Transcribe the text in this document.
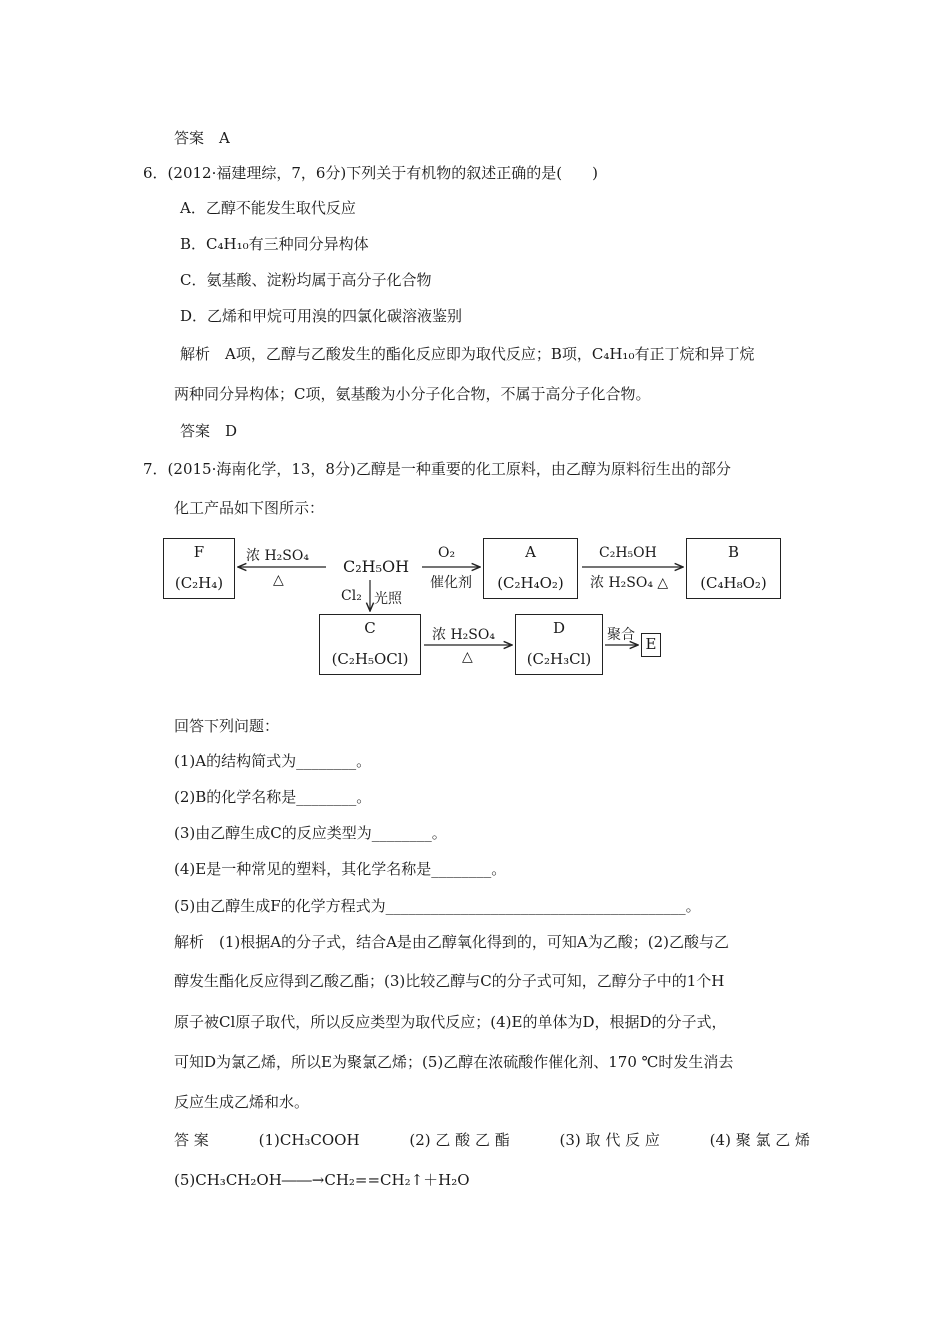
答案　A
6．(2012·福建理综，7，6分)下列关于有机物的叙述正确的是(　　)
A．乙醇不能发生取代反应
B．C₄H₁₀有三种同分异构体
C．氨基酸、淀粉均属于高分子化合物
D．乙烯和甲烷可用溴的四氯化碳溶液鉴别
解析　A项，乙醇与乙酸发生的酯化反应即为取代反应；B项，C₄H₁₀有正丁烷和异丁烷
两种同分异构体；C项，氨基酸为小分子化合物，不属于高分子化合物。
答案　D
7．(2015·海南化学，13，8分)乙醇是一种重要的化工原料，由乙醇为原料衍生出的部分
化工产品如下图所示：
F
(C₂H₄)
A
(C₂H₄O₂)
B
(C₄H₈O₂)
C
(C₂H₅OCl)
D
(C₂H₃Cl)
E
C₂H₅OH
浓 H₂SO₄
△
O₂
催化剂
C₂H₅OH
浓 H₂SO₄ △
Cl₂ 光照
浓 H₂SO₄
△
聚合
回答下列问题：
(1)A的结构简式为________。
(2)B的化学名称是________。
(3)由乙醇生成C的反应类型为________。
(4)E是一种常见的塑料，其化学名称是________。
(5)由乙醇生成F的化学方程式为________________________________________。
解析　(1)根据A的分子式，结合A是由乙醇氧化得到的，可知A为乙酸；(2)乙酸与乙
醇发生酯化反应得到乙酸乙酯；(3)比较乙醇与C的分子式可知，乙醇分子中的1个H
原子被Cl原子取代，所以反应类型为取代反应；(4)E的单体为D，根据D的分子式，
可知D为氯乙烯，所以E为聚氯乙烯；(5)乙醇在浓硫酸作催化剂、170 ℃时发生消去
反应生成乙烯和水。
答 案	(1)CH₃COOH	(2) 乙 酸 乙 酯	(3) 取 代 反 应	(4) 聚 氯 乙 烯
(5)CH₃CH₂OH――→CH₂==CH₂↑＋H₂O
